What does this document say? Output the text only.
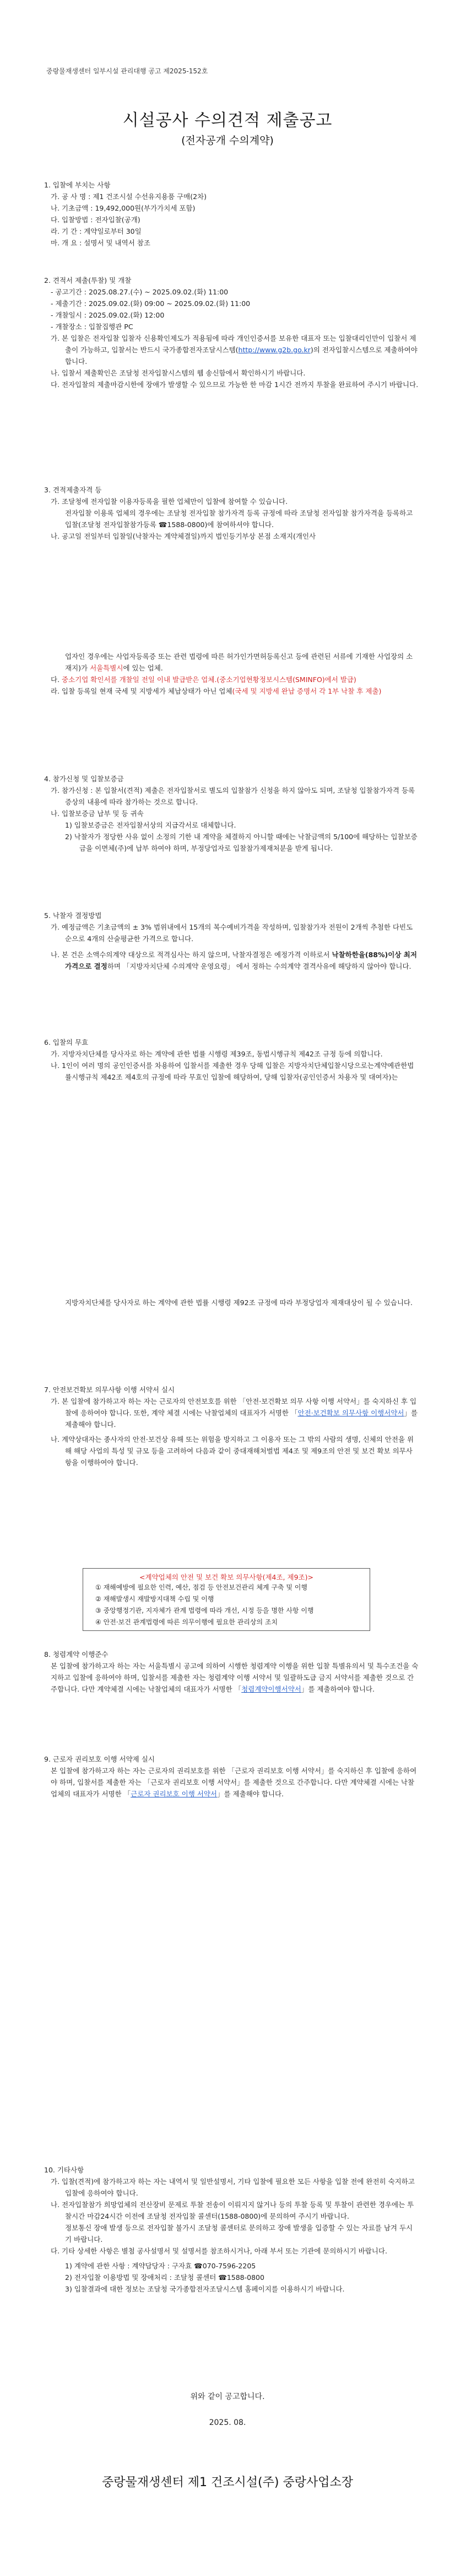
중랑물재생센터 일부시설 관리대행 공고 제2025-152호
시설공사 수의견적 제출공고
(전자공개 수의계약)

1. 입찰에 부치는 사항

가. 공 사 명 : 제1 건조시설 수선유지용품 구매(2차)

나. 기초금액 : 19,492,000원(부가가치세 포함)

다. 입찰방법 : 전자입찰(공개)

라. 기 간 : 계약일로부터 30일

마. 개 요 : 설명서 및 내역서 참조

2. 견적서 제출(투찰) 및 개찰

- 공고기간 : 2025.08.27.(수) ~ 2025.09.02.(화) 11:00

- 제출기간 : 2025.09.02.(화) 09:00 ~ 2025.09.02.(화) 11:00

- 개찰일시 : 2025.09.02.(화) 12:00

- 개찰장소 : 입찰집행관 PC

가. 본 입찰은 전자입찰 입찰자 신용확인제도가 적용됨에 따라 개인인증서를 보유한 대표자 또는 입찰대리인만이 입찰서 제출이 가능하고, 입찰서는 반드시 국가종합전자조달시스템(http://www.g2b.go.kr)의 전자입찰시스템으로 제출하여야 합니다.

나. 입찰서 제출확인은 조달청 전자입찰시스템의 웹 송신함에서 확인하시기 바랍니다.

다. 전자입찰의 제출마감시한에 장애가 발생할 수 있으므로 가능한 한 마감 1시간 전까지 투찰을 완료하여 주시기 바랍니다.

3. 견적제출자격 등

가. 조달청에 전자입찰 이용자등록을 필한 업체만이 입찰에 참여할 수 있습니다.

전자입찰 이용록 업체의 경우에는 조달청 전자입찰 참가자격 등록 규정에 따라 조달청 전자입찰 참가자격을 등록하고 입찰(조달청 전자입찰참가등록 ☎1588-0800)에 참여하셔야 합니다.

나. 공고일 전일부터 입찰일(낙찰자는 계약체결일)까지 법인등기부상 본점 소재지(개인사

업자인 경우에는 사업자등록증 또는 관련 법령에 따른 허가인가면허등록신고 등에 관련된 서류에 기재한 사업장의 소재지)가 서울특별시에 있는 업체.

다. 중소기업 확인서를 개찰일 전일 이내 발급받은 업체.(중소기업현황정보시스템(SMINFO)에서 발급)

라. 입찰 등록일 현재 국세 및 지방세가 체납상태가 아닌 업체(국세 및 지방세 완납 증명서 각 1부 낙찰 후 제출)

4. 참가신청 및 입찰보증금

가. 참가신청 : 본 입찰서(견적) 제출은 전자입찰서로 별도의 입찰참가 신청을 하지 않아도 되며, 조달청 입찰참가자격 등록증상의 내용에 따라 참가하는 것으로 합니다.

나. 입찰보증금 납부 및 등 귀속

1) 입찰보증금은 전자입찰서상의 지급각서로 대체합니다.

2) 낙찰자가 정당한 사유 없이 소정의 기한 내 계약을 체결하지 아니할 때에는 낙찰금액의 5/100에 해당하는 입찰보증금을 이면체(주)에 납부 하여야 하며, 부정당업자로 입찰참가제재처분을 받게 됩니다.

5. 낙찰자 결정방법

가. 예정금액은 기초금액의 ± 3% 범위내에서 15개의 복수예비가격을 작성하며, 입찰참가자 전원이 2개씩 추첨한 다빈도 순으로 4개의 산술평균한 가격으로 합니다.

나. 본 건은 소액수의계약 대상으로 적격심사는 하지 않으며, 낙찰자결정은 예정가격 이하로서 낙찰하한율(88%)이상 최저가격으로 결정하며 「지방자치단체 수의계약 운영요령」 에서 정하는 수의계약 결격사유에 해당하지 않아야 합니다.

6. 입찰의 무효

가. 지방자치단체를 당사자로 하는 계약에 관한 법률 시행령 제39조, 동법시행규칙 제42조 규정 등에 의합니다.

나. 1인이 여러 명의 공인인증서를 차용하여 입찰서를 제출한 경우 당해 입찰은 지방자치단체입찰시당으로는계약예관한법률시행규칙 제42조 제4호의 규정에 따라 무효인 입찰에 해당하여, 당해 입찰자(공인인증서 차용자 및 대여자)는

지방자치단체를 당사자로 하는 계약에 관한 법률 시행령 제92조 규정에 따라 부정당업자 제재대상이 될 수 있습니다.

7. 안전보건확보 의무사항 이행 서약서 실시

가. 본 입찰에 참가하고자 하는 자는 근로자의 안전보호를 위한 「안전·보건확보 의무 사항 이행 서약서」를 숙지하신 후 입찰에 응하여야 합니다. 또한, 계약 체결 시에는 낙찰업체의 대표자가 서명한 「안전·보건확보 의무사항 이행서약서」를 제출해야 합니다.

나. 계약상대자는 종사자의 안전·보건상 유해 또는 위험을 방지하고 그 이용자 또는 그 밖의 사람의 생명, 신체의 안전을 위해 해당 사업의 특성 및 규모 등을 고려하여 다음과 같이 중대재해처벌법 제4조 및 제9조의 안전 및 보건 확보 의무사항을 이행하여야 합니다.

<계약업체의 안전 및 보건 확보 의무사항(제4조, 제9조)>

① 재해예방에 필요한 인력, 예산, 점검 등 안전보건관리 체계 구축 및 이행

② 재해발생시 재발방지대책 수립 및 이행

③ 중앙행정기관, 지자체가 관계 법령에 따라 개선, 시정 등을 명한 사항 이행

④ 안전·보건 관계법령에 따른 의무이행에 필요한 관리상의 조치

8. 청렴계약 이행준수

본 입찰에 참가하고자 하는 자는 서울특별시 공고에 의하여 시행한 청렴계약 이행을 위한 입찰 특별유의서 및 특수조건을 숙지하고 입찰에 응하여야 하며, 입찰서를 제출한 자는 청렴계약 이행 서약서 및 일괄하도급 금지 서약서를 제출한 것으로 간주합니다. 다만 계약체결 시에는 낙찰업체의 대표자가 서명한 「청렴계약이행서약서」를 제출하여야 합니다.

9. 근로자 권리보호 이행 서약제 실시

본 입찰에 참가하고자 하는 자는 근로자의 권리보호를 위한 「근로자 권리보호 이행 서약서」를 숙지하신 후 입찰에 응하여야 하며, 입찰서를 제출한 자는 「근로자 권리보호 이행 서약서」를 제출한 것으로 간주합니다. 다만 계약체결 시에는 낙찰업체의 대표자가 서명한 「근로자 권리보호 이행 서약서」를 제출해야 합니다.

10. 기타사항

가. 입찰(견적)에 참가하고자 하는 자는 내역서 및 일반설명서, 기타 입찰에 필요한 모든 사항을 입찰 전에 완전히 숙지하고 입찰에 응하여야 합니다.

나. 전자입찰참가 희망업체의 전산장비 문제로 투찰 전송이 이뤄지지 않거나 등의 투찰 등록 및 투찰이 관련한 경우에는 투찰시간 마감24시간 이전에 조달청 전자입찰 콜센터(1588-0800)에 문의하여 주시기 바랍니다.

정보통신 장애 발생 등으로 전자입찰 불가시 조달청 콜센터로 문의하고 장애 발생을 입증할 수 있는 자료를 남겨 두시기 바랍니다.

다. 기타 상세한 사항은 별첨 공사설명서 및 설명서를 참조하시거나, 아래 부서 또는 기관에 문의하시기 바랍니다.

1) 계약에 관한 사항 : 계약담당자 : 구자효 ☎070-7596-2205

2) 전자입찰 이용방법 및 장애처리 : 조달청 콜센터 ☎1588-0800

3) 입찰결과에 대한 정보는 조달청 국가종합전자조달시스템 홈페이지를 이용하시기 바랍니다.

위와 같이 공고합니다.
2025. 08.
중랑물재생센터 제1 건조시설(주) 중랑사업소장
